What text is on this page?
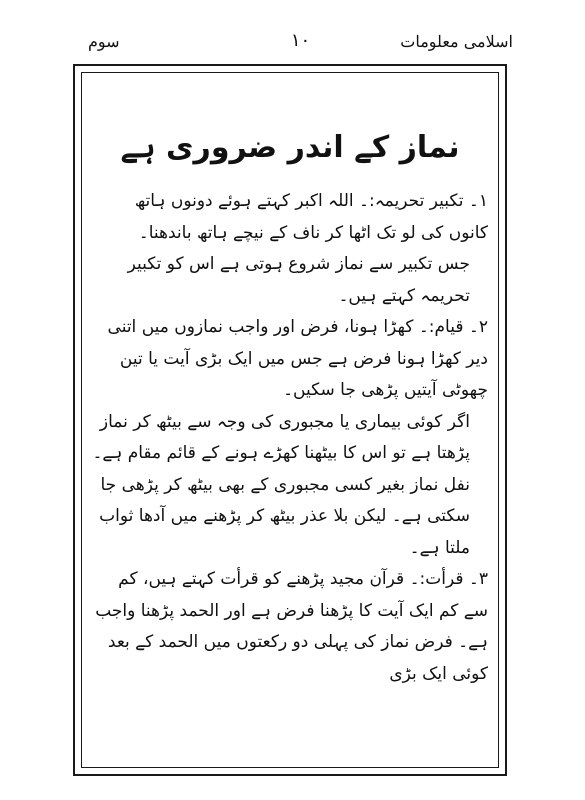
سوم	۱۰	اسلامی معلومات
نماز کے اندر ضروری ہے

۱۔ تکبیر تحریمہ:۔ اللہ اکبر کہتے ہوئے دونوں ہاتھ کانوں کی لو تک اٹھا کر ناف کے نیچے ہاتھ باندھنا۔

جس تکبیر سے نماز شروع ہوتی ہے اس کو تکبیر تحریمہ کہتے ہیں۔

۲۔ قیام:۔ کھڑا ہونا، فرض اور واجب نمازوں میں اتنی دیر کھڑا ہونا فرض ہے جس میں ایک بڑی آیت یا تین چھوٹی آیتیں پڑھی جا سکیں۔

اگر کوئی بیماری یا مجبوری کی وجہ سے بیٹھ کر نماز پڑھتا ہے تو اس کا بیٹھنا کھڑے ہونے کے قائم مقام ہے۔

نفل نماز بغیر کسی مجبوری کے بھی بیٹھ کر پڑھی جا سکتی ہے۔ لیکن بلا عذر بیٹھ کر پڑھنے میں آدھا ثواب ملتا ہے۔

۳۔ قرأت:۔ قرآن مجید پڑھنے کو قرأت کہتے ہیں، کم سے کم ایک آیت کا پڑھنا فرض ہے اور الحمد پڑھنا واجب ہے۔ فرض نماز کی پہلی دو رکعتوں میں الحمد کے بعد کوئی ایک بڑی
